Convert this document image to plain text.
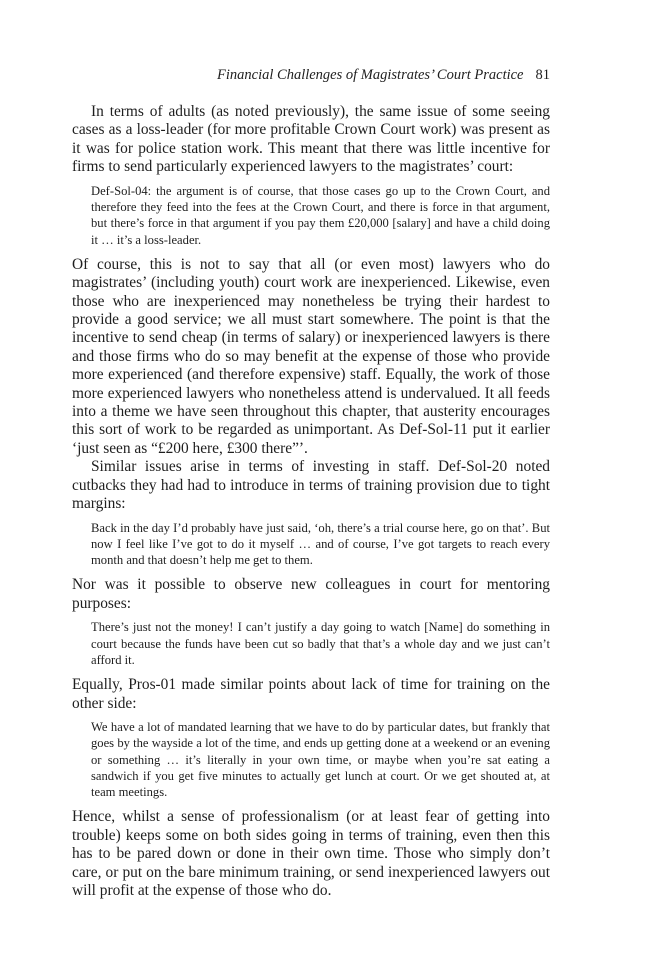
Financial Challenges of Magistrates’ Court Practice 81

In terms of adults (as noted previously), the same issue of some seeing cases as a loss-leader (for more profitable Crown Court work) was present as it was for police station work. This meant that there was little incentive for firms to send particularly experienced lawyers to the magistrates’ court:

Def-Sol-04: the argument is of course, that those cases go up to the Crown Court, and therefore they feed into the fees at the Crown Court, and there is force in that argument, but there’s force in that argument if you pay them £20,000 [salary] and have a child doing it … it’s a loss-leader.

Of course, this is not to say that all (or even most) lawyers who do magistrates’ (including youth) court work are inexperienced. Likewise, even those who are inexperienced may nonetheless be trying their hardest to provide a good service; we all must start somewhere. The point is that the incentive to send cheap (in terms of salary) or inexperienced lawyers is there and those firms who do so may benefit at the expense of those who provide more experienced (and therefore expensive) staff. Equally, the work of those more experienced lawyers who nonetheless attend is undervalued. It all feeds into a theme we have seen throughout this chapter, that austerity encourages this sort of work to be regarded as unimportant. As Def-Sol-11 put it earlier ‘just seen as “£200 here, £300 there”’.

Similar issues arise in terms of investing in staff. Def-Sol-20 noted cutbacks they had had to introduce in terms of training provision due to tight margins:

Back in the day I’d probably have just said, ‘oh, there’s a trial course here, go on that’. But now I feel like I’ve got to do it myself … and of course, I’ve got targets to reach every month and that doesn’t help me get to them.

Nor was it possible to observe new colleagues in court for mentoring purposes:

There’s just not the money! I can’t justify a day going to watch [Name] do something in court because the funds have been cut so badly that that’s a whole day and we just can’t afford it.

Equally, Pros-01 made similar points about lack of time for training on the other side:

We have a lot of mandated learning that we have to do by particular dates, but frankly that goes by the wayside a lot of the time, and ends up getting done at a weekend or an evening or something … it’s literally in your own time, or maybe when you’re sat eating a sandwich if you get five minutes to actually get lunch at court. Or we get shouted at, at team meetings.

Hence, whilst a sense of professionalism (or at least fear of getting into trouble) keeps some on both sides going in terms of training, even then this has to be pared down or done in their own time. Those who simply don’t care, or put on the bare minimum training, or send inexperienced lawyers out will profit at the expense of those who do.
